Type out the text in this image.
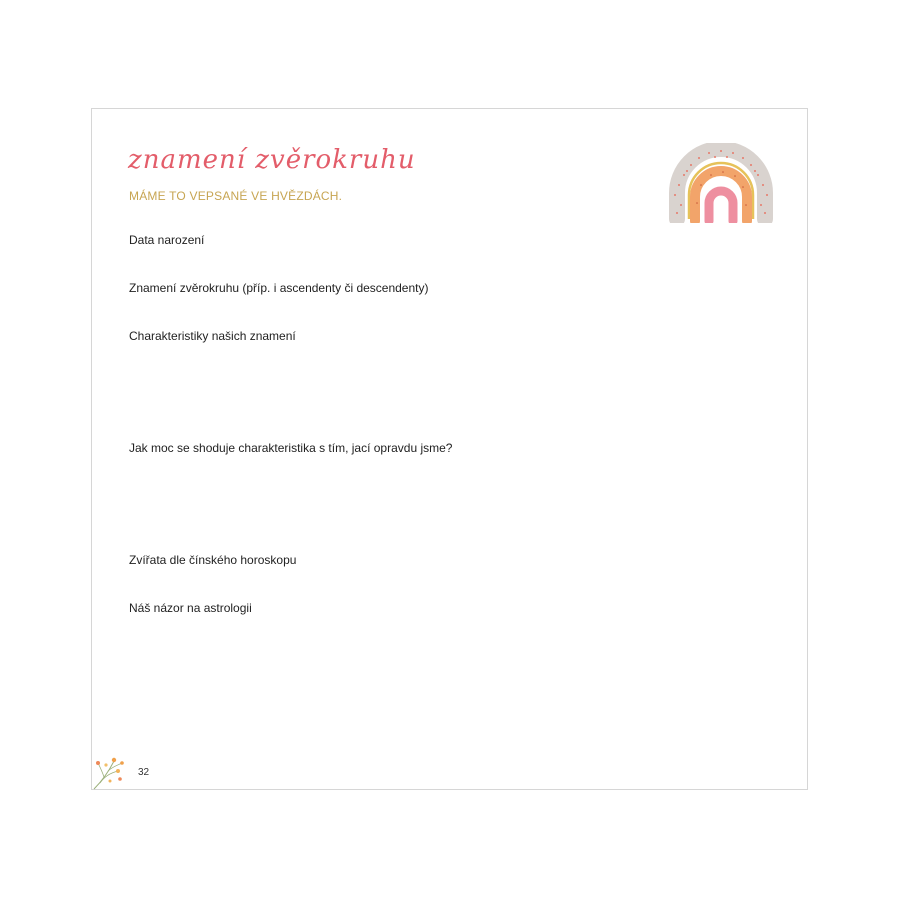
znamení zvěrokruhu
MÁME TO VEPSANÉ VE HVĚZDÁCH.
Data narození
Znamení zvěrokruhu (příp. i ascendenty či descendenty)
Charakteristiky našich znamení
Jak moc se shoduje charakteristika s tím, jací opravdu jsme?
Zvířata dle čínského horoskopu
Náš názor na astrologii
32
